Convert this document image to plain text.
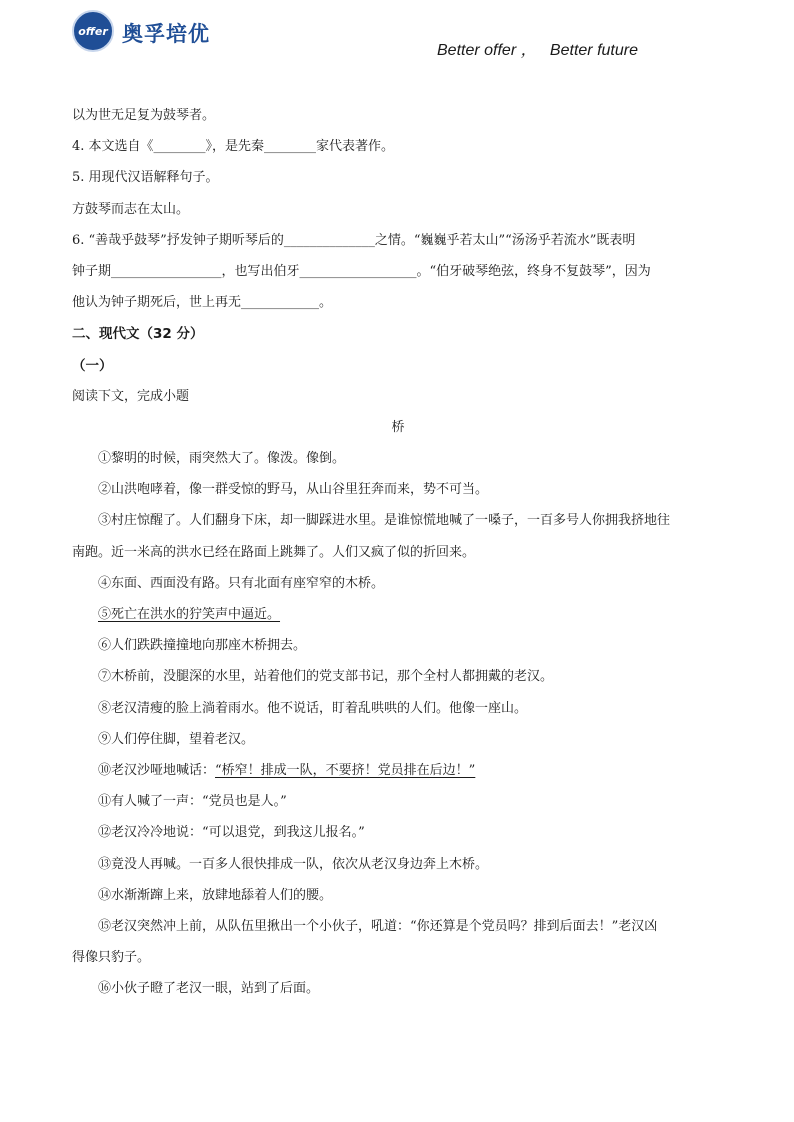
offer 奥孚培优
Better offer ，   Better future
以为世无足复为鼓琴者。
4. 本文选自《________》，是先秦________家代表著作。
5. 用现代汉语解释句子。
方鼓琴而志在太山。
6. “善哉乎鼓琴”抒发钟子期听琴后的______________之情。“巍巍乎若太山”“汤汤乎若流水”既表明
钟子期_________________，也写出伯牙__________________。“伯牙破琴绝弦，终身不复鼓琴”，因为
他认为钟子期死后，世上再无____________。
二、现代文（32 分）
（一）
阅读下文，完成小题
桥
①黎明的时候，雨突然大了。像泼。像倒。
②山洪咆哮着，像一群受惊的野马，从山谷里狂奔而来，势不可当。
③村庄惊醒了。人们翻身下床，却一脚踩进水里。是谁惊慌地喊了一嗓子，一百多号人你拥我挤地往
南跑。近一米高的洪水已经在路面上跳舞了。人们又疯了似的折回来。
④东面、西面没有路。只有北面有座窄窄的木桥。
⑤死亡在洪水的狞笑声中逼近。
⑥人们跌跌撞撞地向那座木桥拥去。
⑦木桥前，没腿深的水里，站着他们的党支部书记，那个全村人都拥戴的老汉。
⑧老汉清瘦的脸上淌着雨水。他不说话，盯着乱哄哄的人们。他像一座山。
⑨人们停住脚，望着老汉。
⑩老汉沙哑地喊话：“桥窄！排成一队，不要挤！党员排在后边！”
⑪有人喊了一声：“党员也是人。”
⑫老汉冷冷地说：“可以退党，到我这儿报名。”
⑬竟没人再喊。一百多人很快排成一队，依次从老汉身边奔上木桥。
⑭水渐渐蹿上来，放肆地舔着人们的腰。
⑮老汉突然冲上前，从队伍里揪出一个小伙子，吼道：“你还算是个党员吗？排到后面去！”老汉凶
得像只豹子。
⑯小伙子瞪了老汉一眼，站到了后面。
